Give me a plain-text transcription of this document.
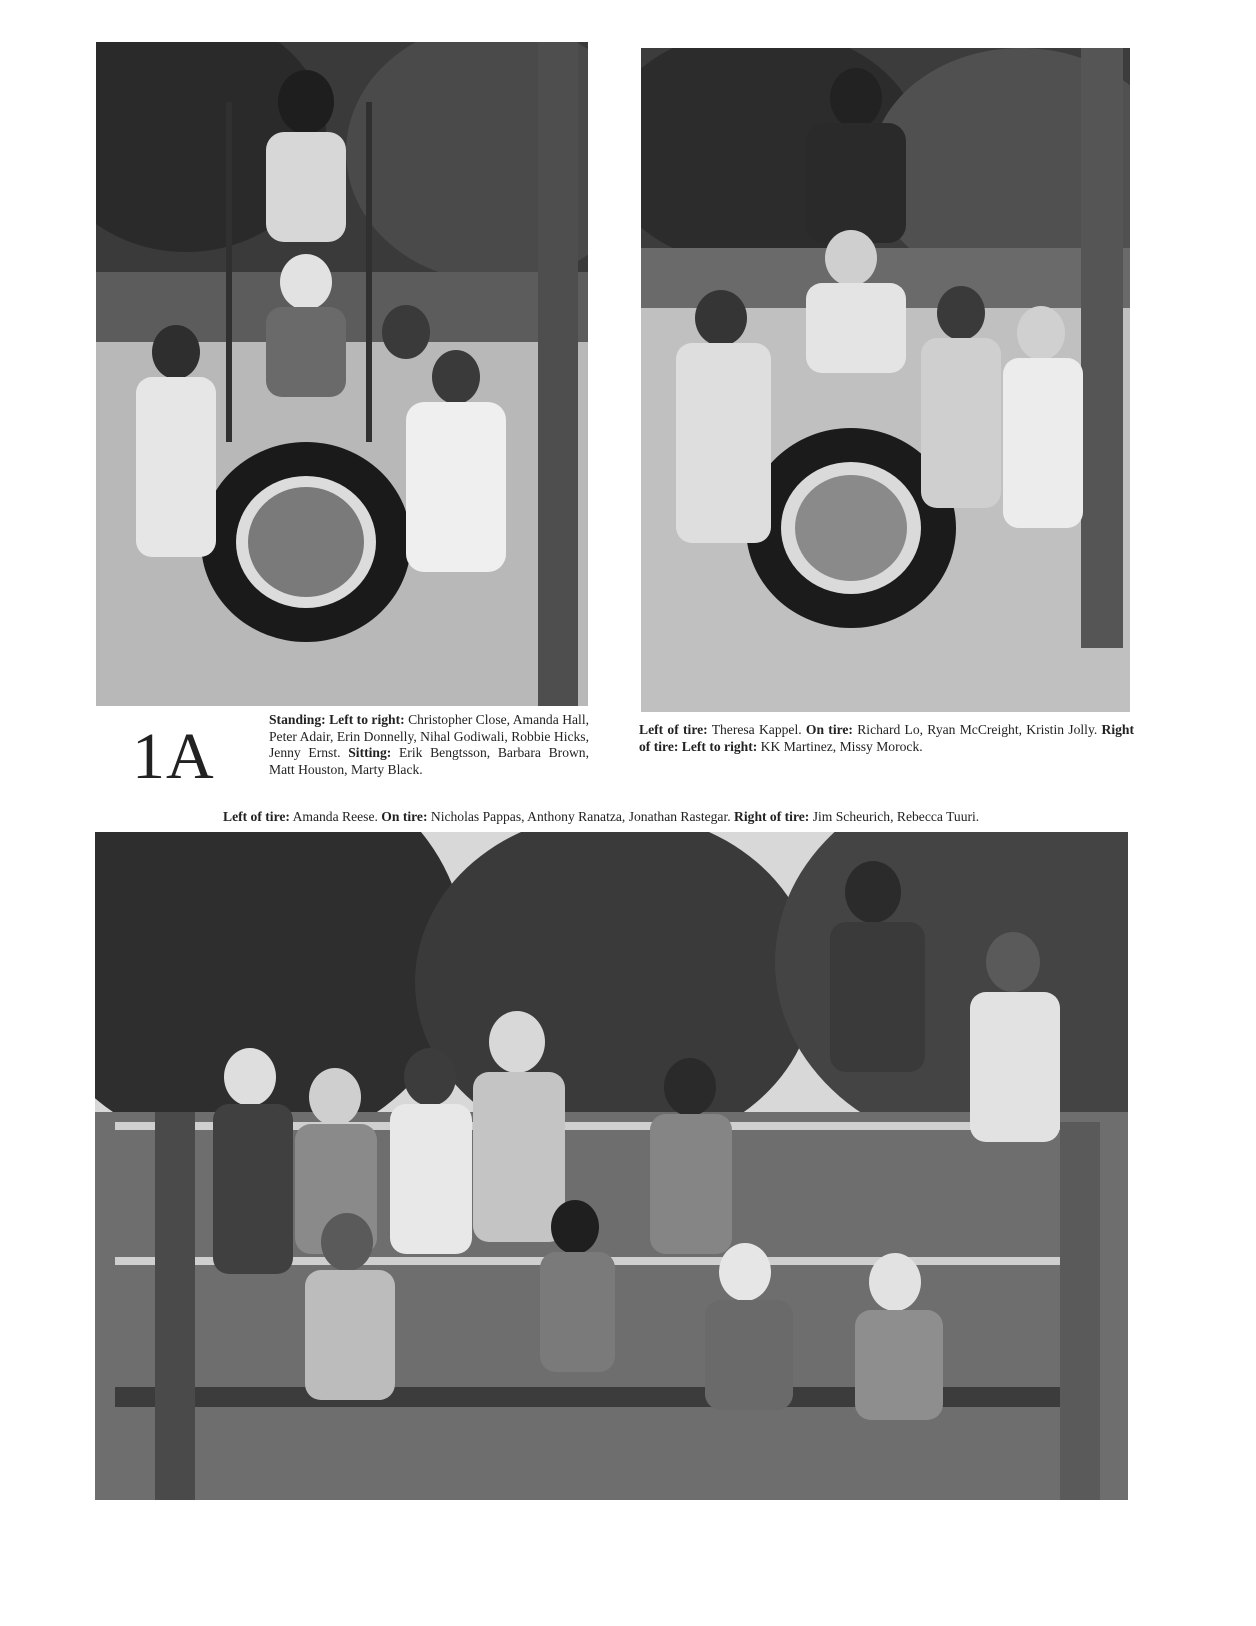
1A
Standing: Left to right: Christopher Close, Amanda Hall, Peter Adair, Erin Donnelly, Nihal Godiwali, Robbie Hicks, Jenny Ernst. Sitting: Erik Bengtsson, Barbara Brown, Matt Houston, Marty Black.
Left of tire: Theresa Kappel. On tire: Richard Lo, Ryan McCreight, Kristin Jolly. Right of tire: Left to right: KK Martinez, Missy Morock.
Left of tire: Amanda Reese. On tire: Nicholas Pappas, Anthony Ranatza, Jonathan Rastegar. Right of tire: Jim Scheurich, Rebecca Tuuri.
